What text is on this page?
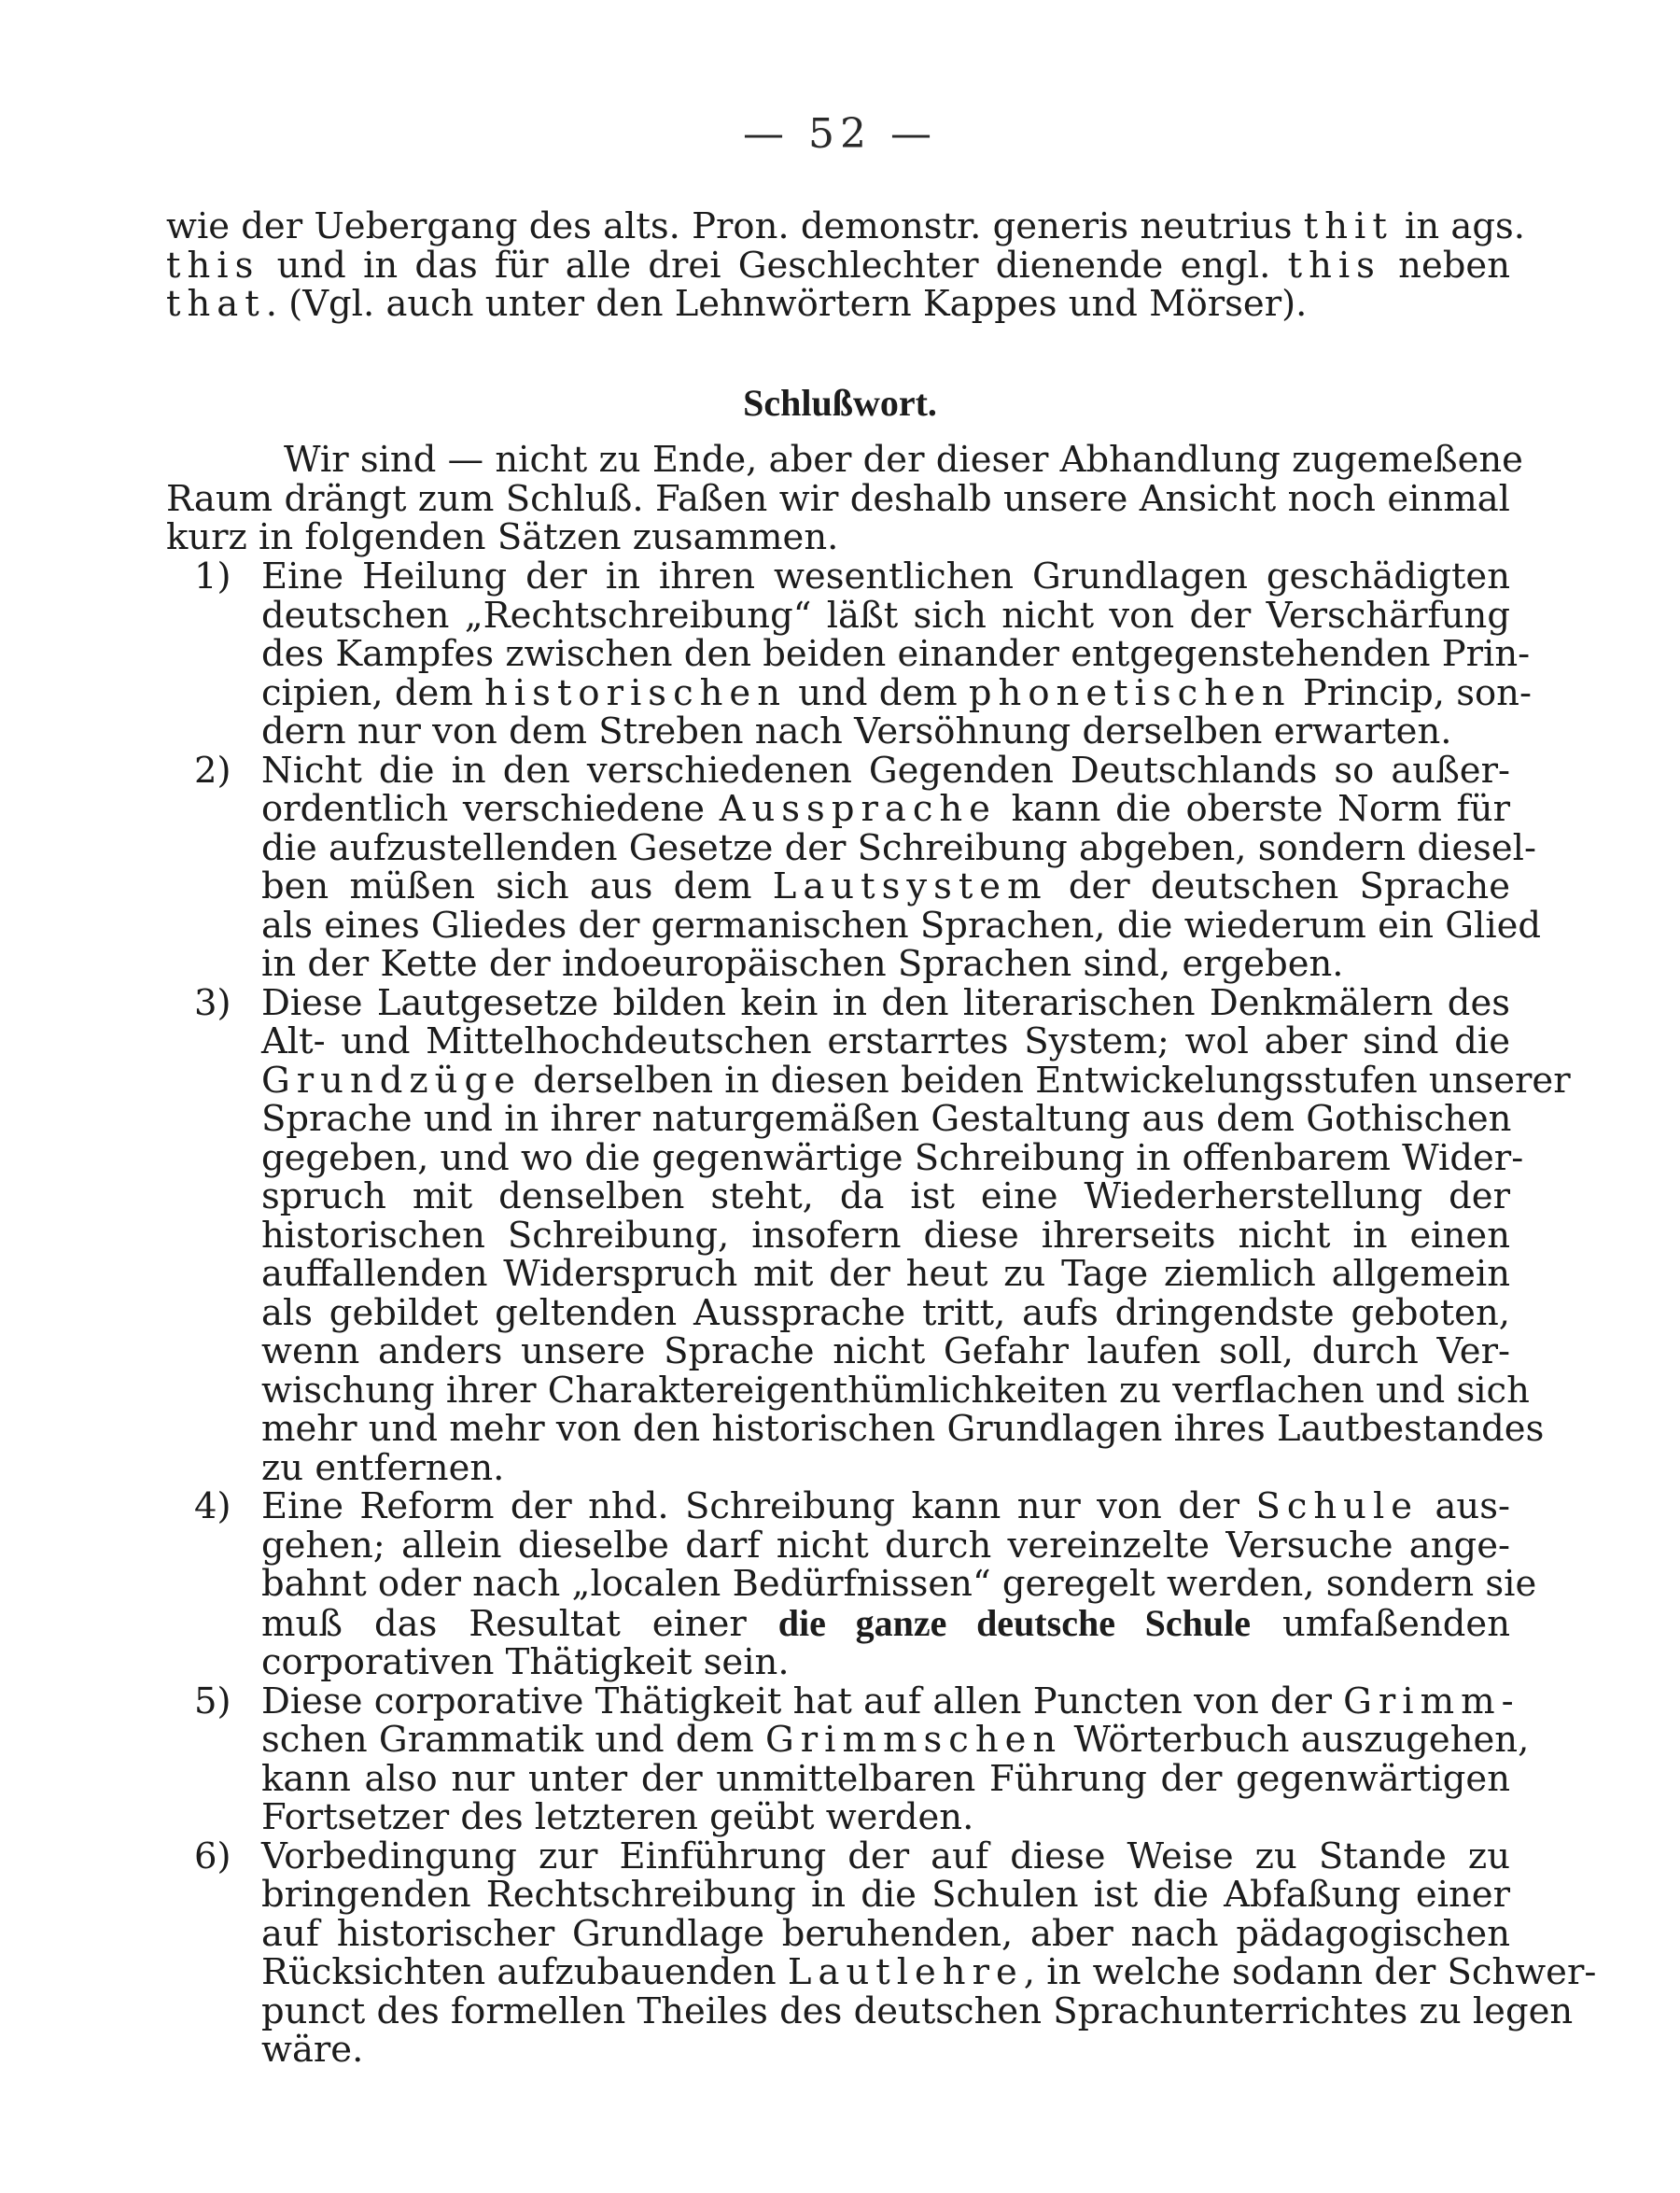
— 52 —
wie der Uebergang des alts. Pron. demonstr. generis neutrius thit in ags.
this und in das für alle drei Geschlechter dienende engl. this neben
that. (Vgl. auch unter den Lehnwörtern Kappes und Mörser).
Schlußwort.
Wir sind — nicht zu Ende, aber der dieser Abhandlung zugemeßene
Raum drängt zum Schluß. Faßen wir deshalb unsere Ansicht noch einmal
kurz in folgenden Sätzen zusammen.
1) Eine Heilung der in ihren wesentlichen Grundlagen geschädigten
deutschen „Rechtschreibung“ läßt sich nicht von der Verschärfung
des Kampfes zwischen den beiden einander entgegenstehenden Prin-
cipien, dem historischen und dem phonetischen Princip, son-
dern nur von dem Streben nach Versöhnung derselben erwarten.
2) Nicht die in den verschiedenen Gegenden Deutschlands so außer-
ordentlich verschiedene Aussprache kann die oberste Norm für
die aufzustellenden Gesetze der Schreibung abgeben, sondern diesel-
ben müßen sich aus dem Lautsystem der deutschen Sprache
als eines Gliedes der germanischen Sprachen, die wiederum ein Glied
in der Kette der indoeuropäischen Sprachen sind, ergeben.
3) Diese Lautgesetze bilden kein in den literarischen Denkmälern des
Alt- und Mittelhochdeutschen erstarrtes System; wol aber sind die
Grundzüge derselben in diesen beiden Entwickelungsstufen unserer
Sprache und in ihrer naturgemäßen Gestaltung aus dem Gothischen
gegeben, und wo die gegenwärtige Schreibung in offenbarem Wider-
spruch mit denselben steht, da ist eine Wiederherstellung der
historischen Schreibung, insofern diese ihrerseits nicht in einen
auffallenden Widerspruch mit der heut zu Tage ziemlich allgemein
als gebildet geltenden Aussprache tritt, aufs dringendste geboten,
wenn anders unsere Sprache nicht Gefahr laufen soll, durch Ver-
wischung ihrer Charaktereigenthümlichkeiten zu verflachen und sich
mehr und mehr von den historischen Grundlagen ihres Lautbestandes
zu entfernen.
4) Eine Reform der nhd. Schreibung kann nur von der Schule aus-
gehen; allein dieselbe darf nicht durch vereinzelte Versuche ange-
bahnt oder nach „localen Bedürfnissen“ geregelt werden, sondern sie
muß das Resultat einer die ganze deutsche Schule umfaßenden
corporativen Thätigkeit sein.
5) Diese corporative Thätigkeit hat auf allen Puncten von der Grimm-
schen Grammatik und dem Grimmschen Wörterbuch auszugehen,
kann also nur unter der unmittelbaren Führung der gegenwärtigen
Fortsetzer des letzteren geübt werden.
6) Vorbedingung zur Einführung der auf diese Weise zu Stande zu
bringenden Rechtschreibung in die Schulen ist die Abfaßung einer
auf historischer Grundlage beruhenden, aber nach pädagogischen
Rücksichten aufzubauenden Lautlehre, in welche sodann der Schwer-
punct des formellen Theiles des deutschen Sprachunterrichtes zu legen
wäre.
